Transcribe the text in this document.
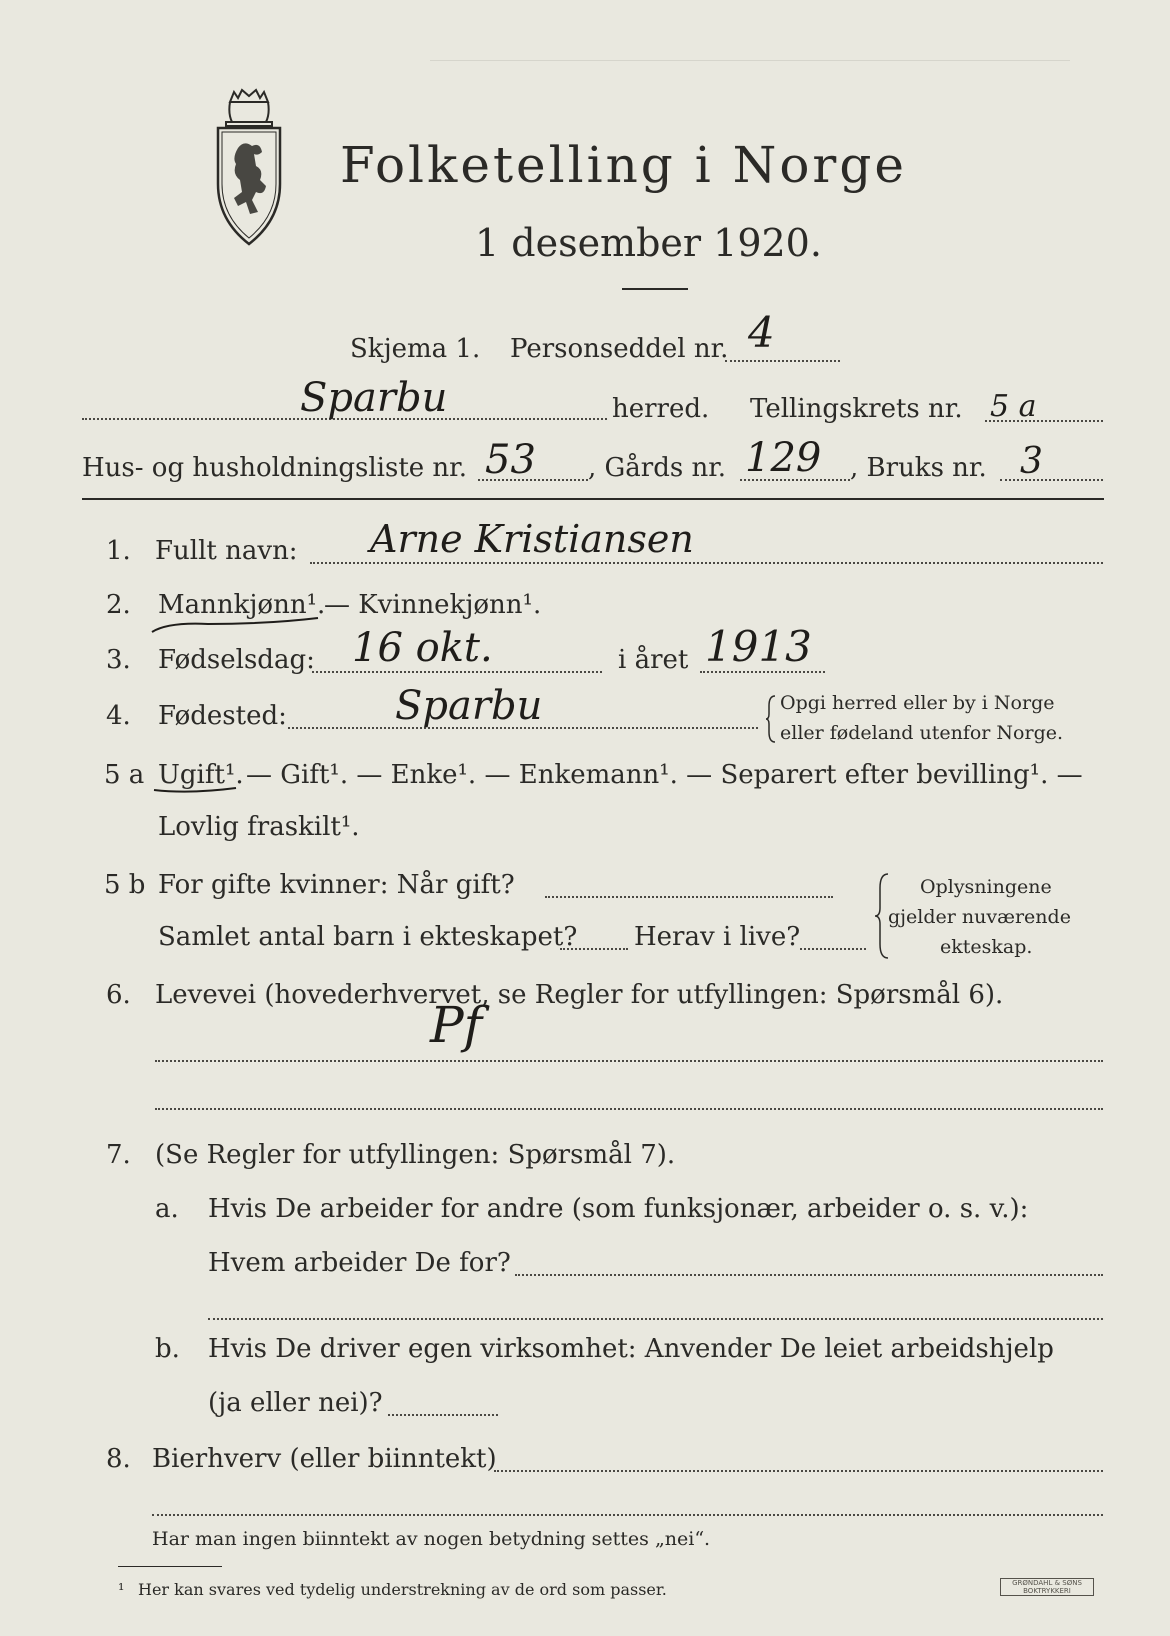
Folketelling i Norge
1 desember 1920.
Skjema 1. Personseddel nr. 4
Sparbu	herred. Tellingskrets nr. 5 a
Hus- og husholdningsliste nr. 53 , Gårds nr. 129 , Bruks nr. 3
1. Fullt navn: Arne Kristiansen
2. Mannkjønn¹.
— Kvinnekjønn¹.
3. Fødselsdag: 16 okt.	i året 1913
4. Fødested:	Sparbu	Opgi herred eller by i Norge
eller fødeland utenfor Norge.
5 a Ugift¹. — Gift¹. — Enke¹. — Enkemann¹. — Separert efter bevilling¹. —
Lovlig fraskilt¹.
5 b For gifte kvinner: Når gift?
Samlet antal barn i ekteskapet? Herav i live?
Oplysningene
gjelder nuværende
ekteskap.
6. Levevei (hovederhvervet, se Regler for utfyllingen: Spørsmål 6).
Pf
7. (Se Regler for utfyllingen: Spørsmål 7).
a. Hvis De arbeider for andre (som funksjonær, arbeider o. s. v.):
Hvem arbeider De for?
b. Hvis De driver egen virksomhet: Anvender De leiet arbeidshjelp
(ja eller nei)?
8. Bierhverv (eller biinntekt)
Har man ingen biinntekt av nogen betydning settes „nei“.
¹ Her kan svares ved tydelig understrekning av de ord som passer.	GRØNDAHL & SØNS BOKTRYKKERI
